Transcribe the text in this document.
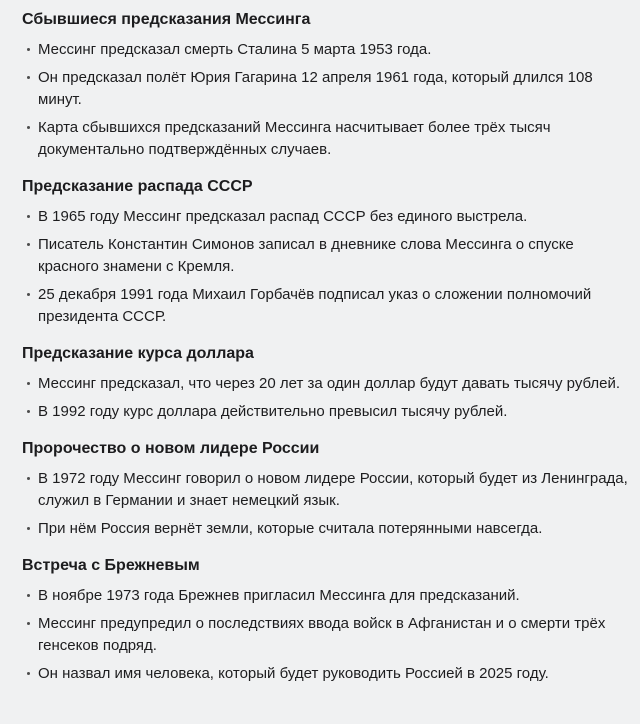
Сбывшиеся предсказания Мессинга
Мессинг предсказал смерть Сталина 5 марта 1953 года.
Он предсказал полёт Юрия Гагарина 12 апреля 1961 года, который длился 108 минут.
Карта сбывшихся предсказаний Мессинга насчитывает более трёх тысяч документально подтверждённых случаев.
Предсказание распада СССР
В 1965 году Мессинг предсказал распад СССР без единого выстрела.
Писатель Константин Симонов записал в дневнике слова Мессинга о спуске красного знамени с Кремля.
25 декабря 1991 года Михаил Горбачёв подписал указ о сложении полномочий президента СССР.
Предсказание курса доллара
Мессинг предсказал, что через 20 лет за один доллар будут давать тысячу рублей.
В 1992 году курс доллара действительно превысил тысячу рублей.
Пророчество о новом лидере России
В 1972 году Мессинг говорил о новом лидере России, который будет из Ленинграда, служил в Германии и знает немецкий язык.
При нём Россия вернёт земли, которые считала потерянными навсегда.
Встреча с Брежневым
В ноябре 1973 года Брежнев пригласил Мессинга для предсказаний.
Мессинг предупредил о последствиях ввода войск в Афганистан и о смерти трёх генсеков подряд.
Он назвал имя человека, который будет руководить Россией в 2025 году.
